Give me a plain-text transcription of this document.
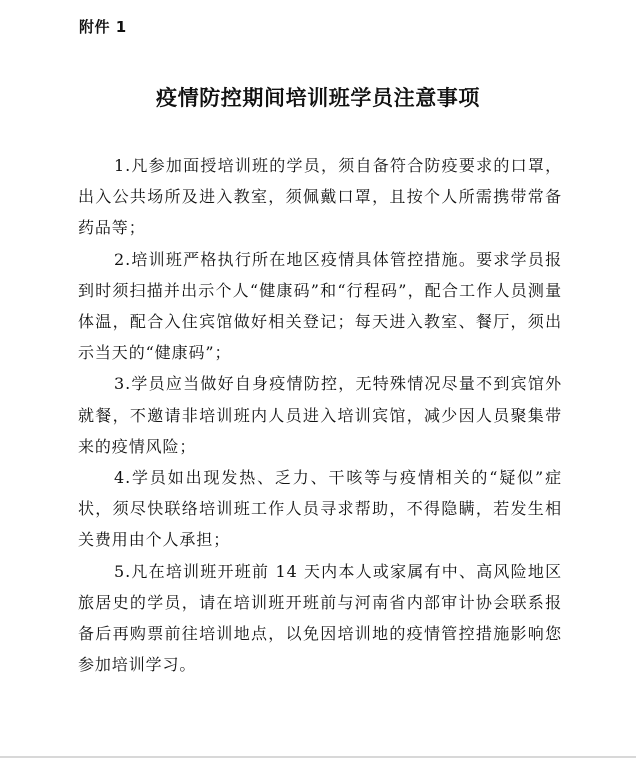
附件 1
疫情防控期间培训班学员注意事项

1.凡参加面授培训班的学员，须自备符合防疫要求的口罩，出入公共场所及进入教室，须佩戴口罩，且按个人所需携带常备药品等；

2.培训班严格执行所在地区疫情具体管控措施。要求学员报到时须扫描并出示个人“健康码”和“行程码”，配合工作人员测量体温，配合入住宾馆做好相关登记；每天进入教室、餐厅，须出示当天的“健康码”；

3.学员应当做好自身疫情防控，无特殊情况尽量不到宾馆外就餐，不邀请非培训班内人员进入培训宾馆，减少因人员聚集带来的疫情风险；

4.学员如出现发热、乏力、干咳等与疫情相关的“疑似”症状，须尽快联络培训班工作人员寻求帮助，不得隐瞒，若发生相关费用由个人承担；

5.凡在培训班开班前 14 天内本人或家属有中、高风险地区旅居史的学员，请在培训班开班前与河南省内部审计协会联系报备后再购票前往培训地点，以免因培训地的疫情管控措施影响您参加培训学习。
